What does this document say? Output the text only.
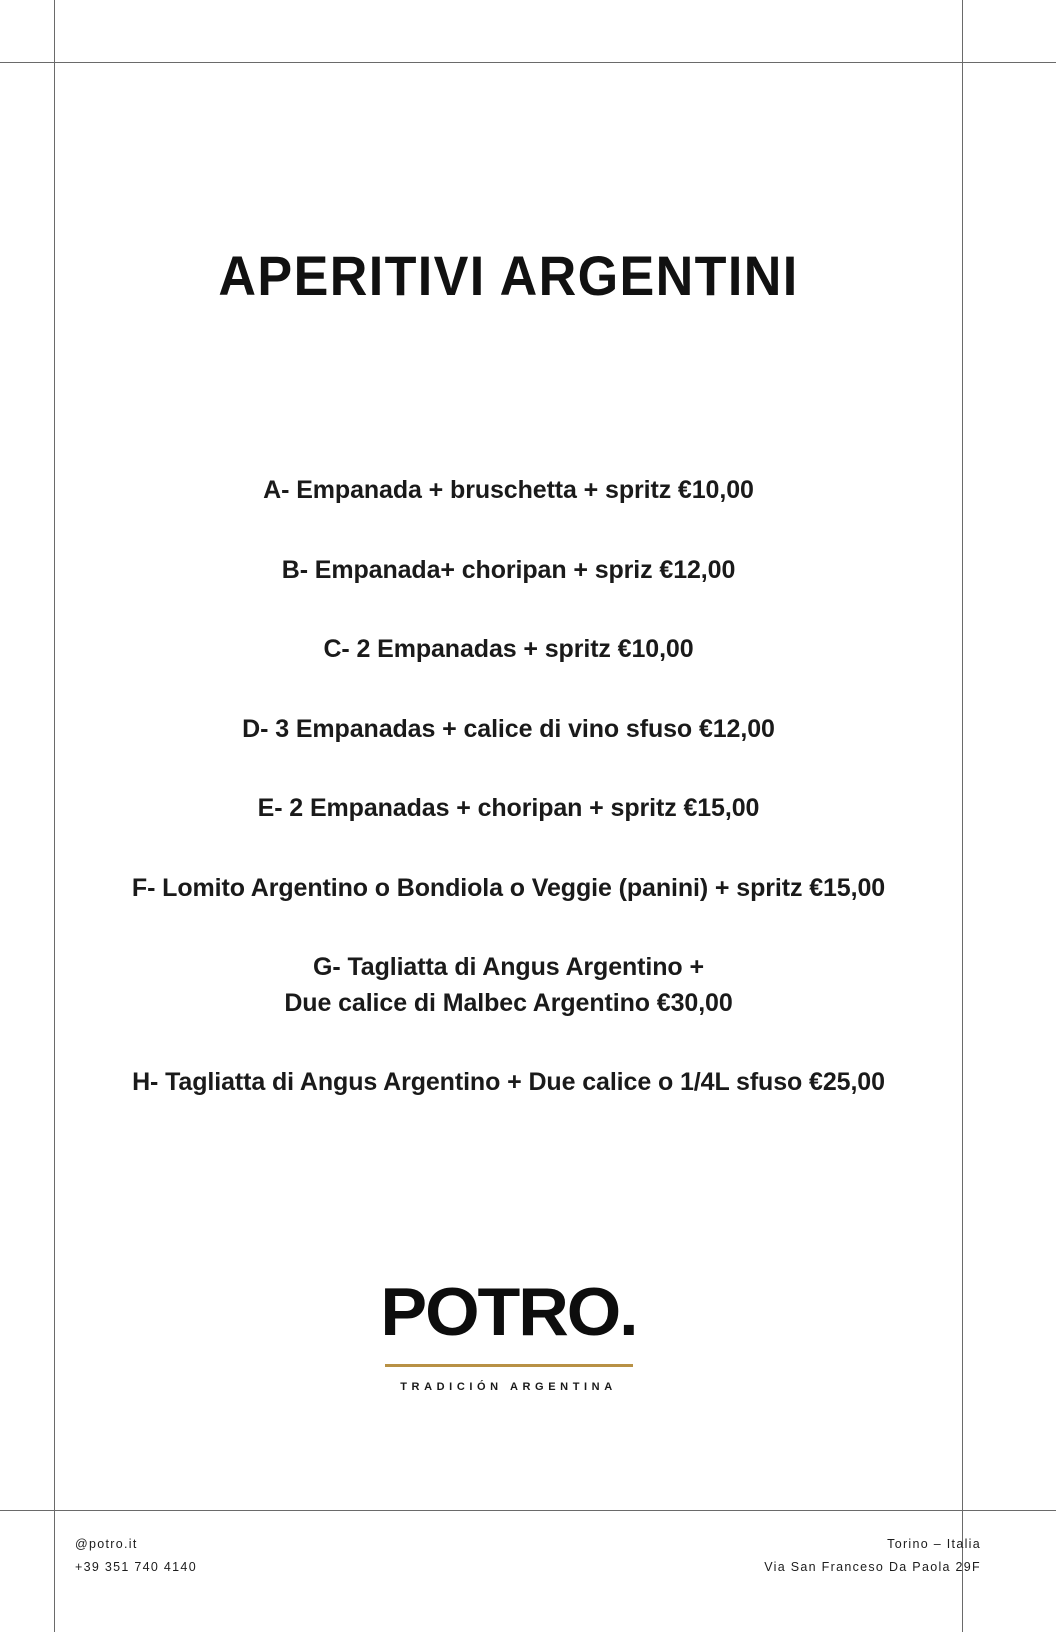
APERITIVI ARGENTINI
A- Empanada + bruschetta + spritz €10,00
B- Empanada+ choripan + spriz €12,00
C- 2 Empanadas + spritz €10,00
D- 3 Empanadas + calice di vino sfuso €12,00
E- 2 Empanadas + choripan + spritz €15,00
F- Lomito Argentino o Bondiola o Veggie (panini) + spritz €15,00
G- Tagliatta di Angus Argentino +
Due calice di Malbec Argentino €30,00
H- Tagliatta di Angus Argentino + Due calice o 1/4L sfuso €25,00
POTRO.
TRADICIÓN ARGENTINA
@potro.it
+39 351 740 4140
Torino – Italia
Via San Franceso Da Paola 29F
